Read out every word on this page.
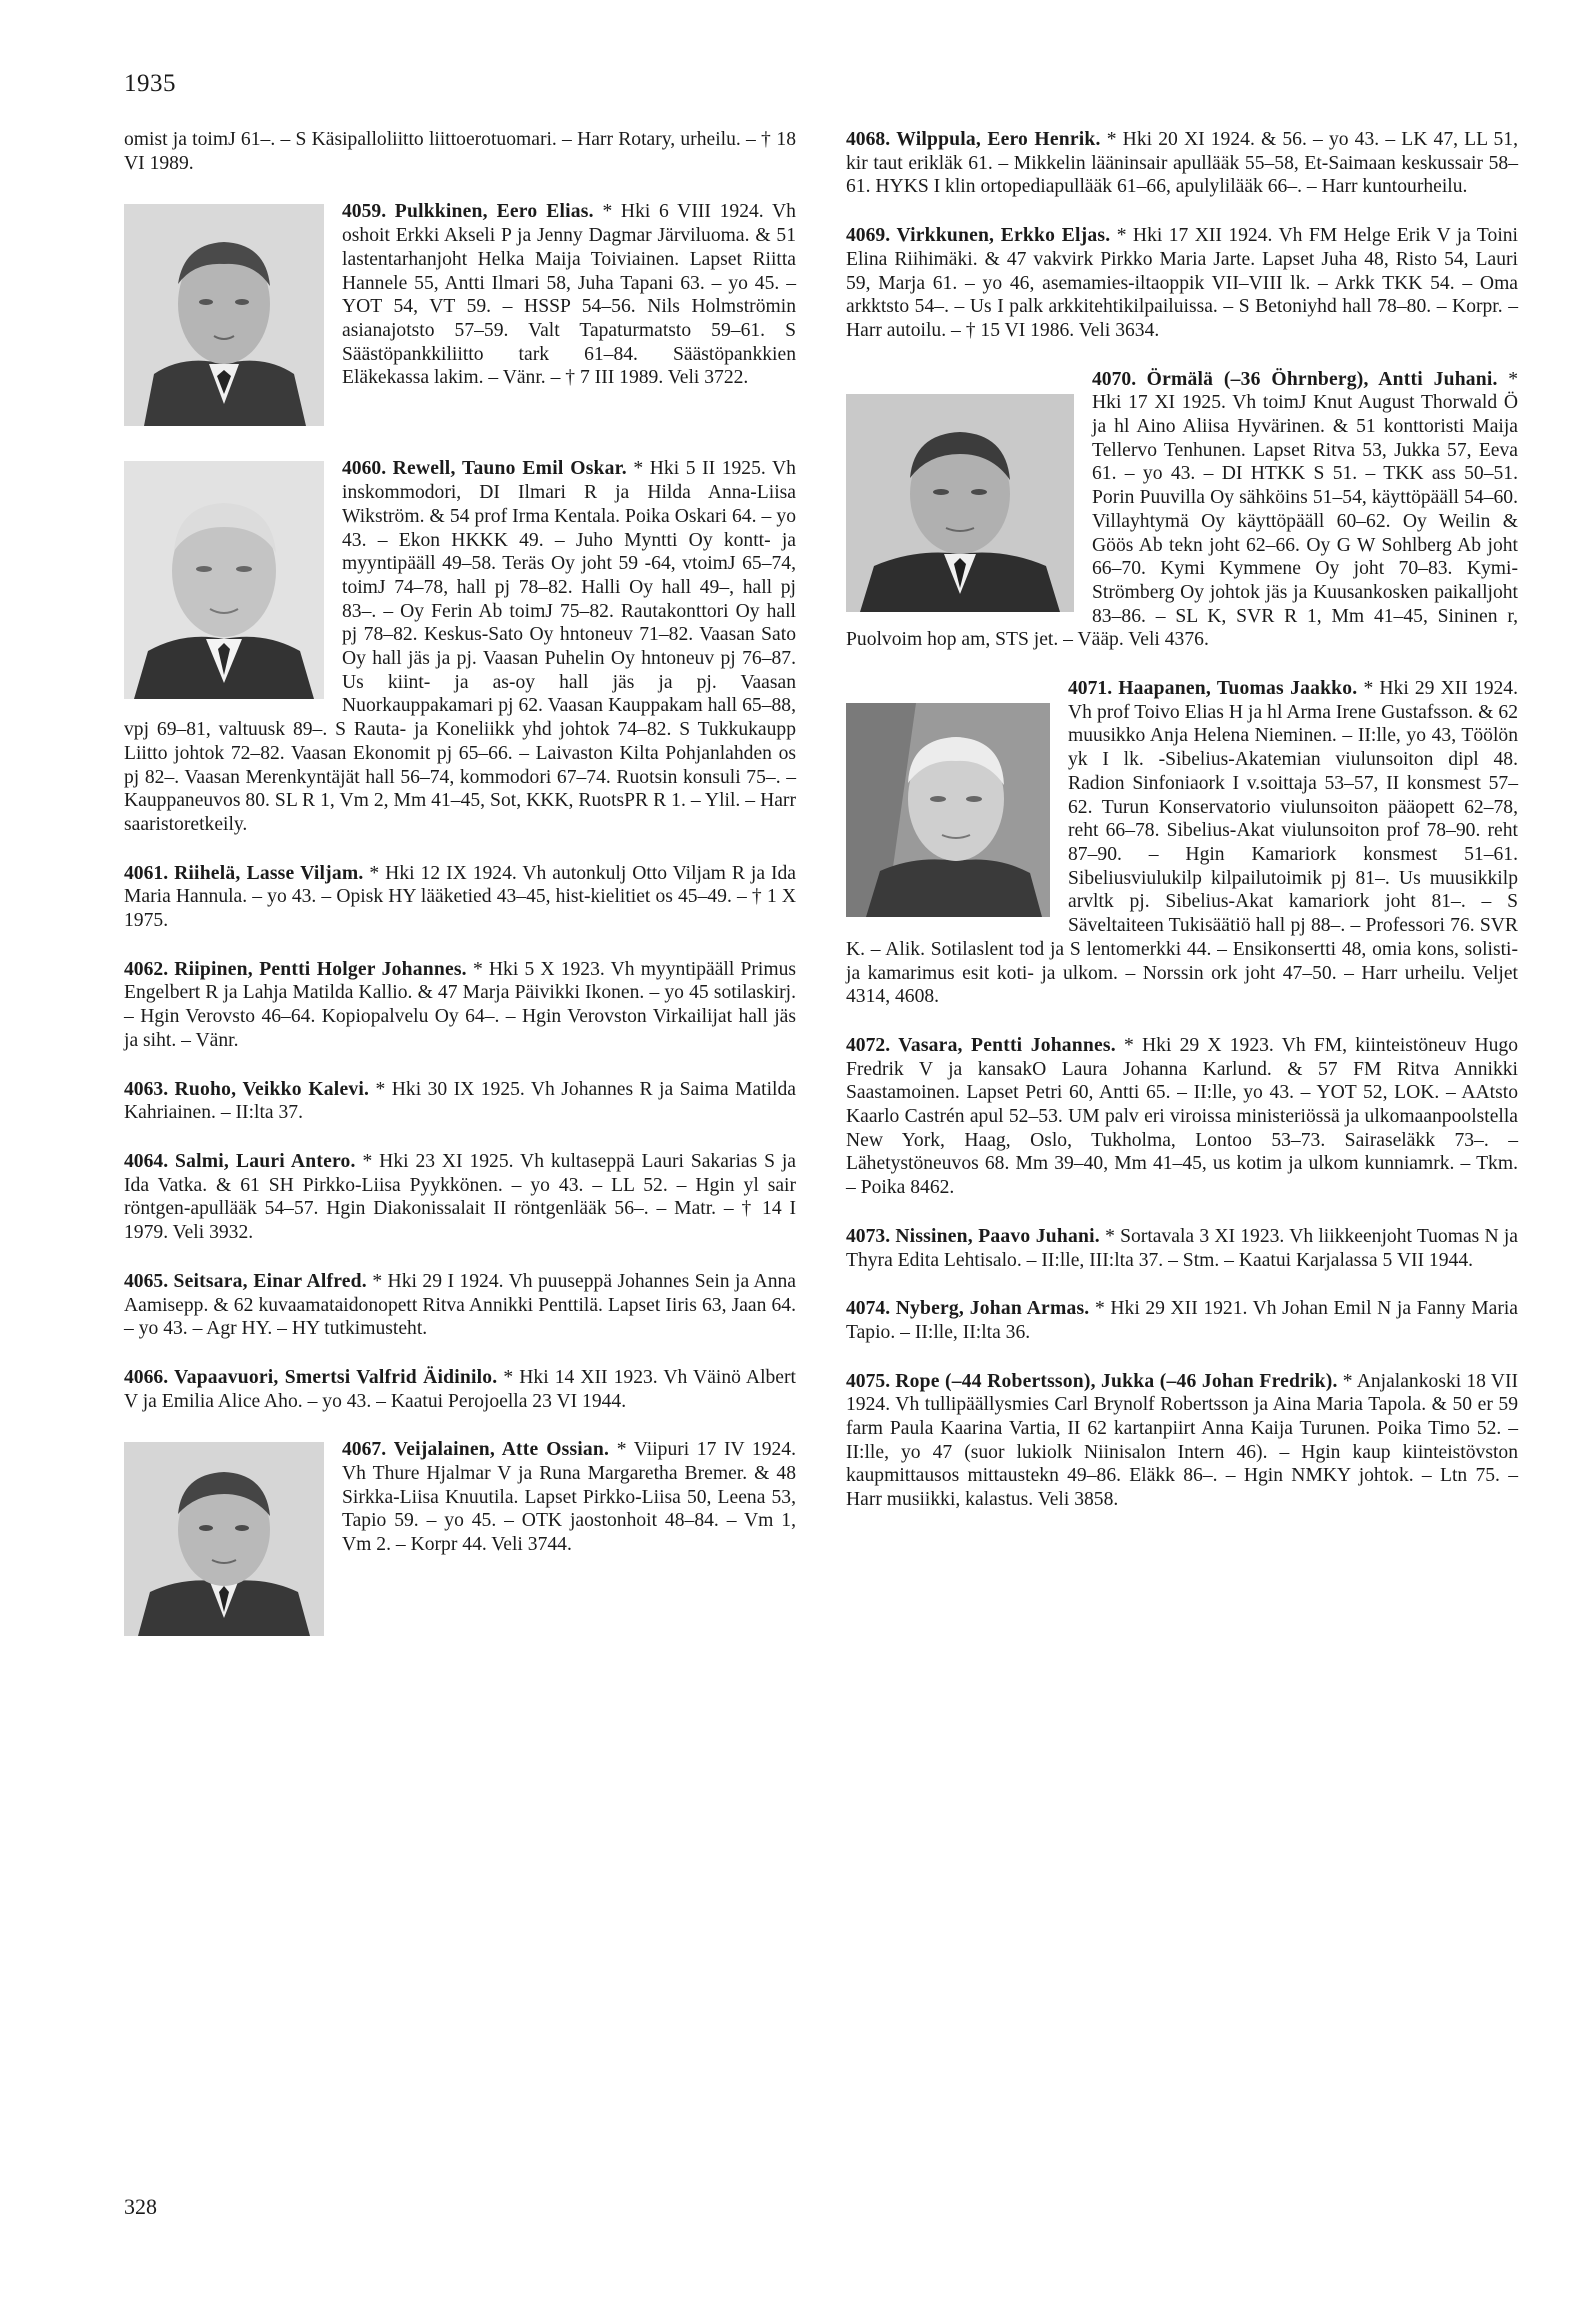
1935

omist ja toimJ 61–. – S Käsipalloliitto liittoerotuomari. – Harr Rotary, urheilu. – † 18 VI 1989.

4059. Pulkkinen, Eero Elias. * Hki 6 VIII 1924. Vh oshoit Erkki Akseli P ja Jenny Dagmar Järviluoma. & 51 lastentarhanjoht Helka Maija Toiviainen. Lapset Riitta Hannele 55, Antti Ilmari 58, Juha Tapani 63. – yo 45. – YOT 54, VT 59. – HSSP 54–56. Nils Holmströmin asianajotsto 57–59. Valt Tapaturmatsto 59–61. S Säästöpankkiliitto tark 61–84. Säästöpankkien Eläkekassa lakim. – Vänr. – † 7 III 1989. Veli 3722.

4060. Rewell, Tauno Emil Oskar. * Hki 5 II 1925. Vh inskommodori, DI Ilmari R ja Hilda Anna-Liisa Wikström. & 54 prof Irma Kentala. Poika Oskari 64. – yo 43. – Ekon HKKK 49. – Juho Myntti Oy kontt- ja myyntipääll 49–58. Teräs Oy joht 59 -64, vtoimJ 65–74, toimJ 74–78, hall pj 78–82. Halli Oy hall 49–, hall pj 83–. – Oy Ferin Ab toimJ 75–82. Rautakonttori Oy hall pj 78–82. Keskus-Sato Oy hntoneuv 71–82. Vaasan Sato Oy hall jäs ja pj. Vaasan Puhelin Oy hntoneuv pj 76–87. Us kiint- ja as-oy hall jäs ja pj. Vaasan Nuorkauppakamari pj 62. Vaasan Kauppakam hall 65–88, vpj 69–81, valtuusk 89–. S Rauta- ja Koneliikk yhd johtok 74–82. S Tukkukaupp Liitto johtok 72–82. Vaasan Ekonomit pj 65–66. – Laivaston Kilta Pohjanlahden os pj 82–. Vaasan Merenkyntäjät hall 56–74, kommodori 67–74. Ruotsin konsuli 75–. – Kauppaneuvos 80. SL R 1, Vm 2, Mm 41–45, Sot, KKK, RuotsPR R 1. – Ylil. – Harr saaristoretkeily.

4061. Riihelä, Lasse Viljam. * Hki 12 IX 1924. Vh autonkulj Otto Viljam R ja Ida Maria Hannula. – yo 43. – Opisk HY lääketied 43–45, hist-kielitiet os 45–49. – † 1 X 1975.

4062. Riipinen, Pentti Holger Johannes. * Hki 5 X 1923. Vh myyntipääll Primus Engelbert R ja Lahja Matilda Kallio. & 47 Marja Päivikki Ikonen. – yo 45 sotilaskirj. – Hgin Verovsto 46–64. Kopiopalvelu Oy 64–. – Hgin Verovston Virkailijat hall jäs ja siht. – Vänr.

4063. Ruoho, Veikko Kalevi. * Hki 30 IX 1925. Vh Johannes R ja Saima Matilda Kahriainen. – II:lta 37.

4064. Salmi, Lauri Antero. * Hki 23 XI 1925. Vh kultaseppä Lauri Sakarias S ja Ida Vatka. & 61 SH Pirkko-Liisa Pyykkönen. – yo 43. – LL 52. – Hgin yl sair röntgen-apullääk 54–57. Hgin Diakonissalait II röntgenlääk 56–. – Matr. – † 14 I 1979. Veli 3932.

4065. Seitsara, Einar Alfred. * Hki 29 I 1924. Vh puuseppä Johannes Sein ja Anna Aamisepp. & 62 kuvaamataidonopett Ritva Annikki Penttilä. Lapset Iiris 63, Jaan 64. – yo 43. – Agr HY. – HY tutkimusteht.

4066. Vapaavuori, Smertsi Valfrid Äidinilo. * Hki 14 XII 1923. Vh Väinö Albert V ja Emilia Alice Aho. – yo 43. – Kaatui Perojoella 23 VI 1944.

4067. Veijalainen, Atte Ossian. * Viipuri 17 IV 1924. Vh Thure Hjalmar V ja Runa Margaretha Bremer. & 48 Sirkka-Liisa Knuutila. Lapset Pirkko-Liisa 50, Leena 53, Tapio 59. – yo 45. – OTK jaostonhoit 48–84. – Vm 1, Vm 2. – Korpr 44. Veli 3744.

4068. Wilppula, Eero Henrik. * Hki 20 XI 1924. & 56. – yo 43. – LK 47, LL 51, kir taut erikläk 61. – Mikkelin lääninsair apullääk 55–58, Et-Saimaan keskussair 58–61. HYKS I klin ortopediapullääk 61–66, apulylilääk 66–. – Harr kuntourheilu.

4069. Virkkunen, Erkko Eljas. * Hki 17 XII 1924. Vh FM Helge Erik V ja Toini Elina Riihimäki. & 47 vakvirk Pirkko Maria Jarte. Lapset Juha 48, Risto 54, Lauri 59, Marja 61. – yo 46, asemamies-iltaoppik VII–VIII lk. – Arkk TKK 54. – Oma arkktsto 54–. – Us I palk arkkitehtikilpailuissa. – S Betoniyhd hall 78–80. – Korpr. – Harr autoilu. – † 15 VI 1986. Veli 3634.

4070. Örmälä (–36 Öhrnberg), Antti Juhani. * Hki 17 XI 1925. Vh toimJ Knut August Thorwald Ö ja hl Aino Aliisa Hyvärinen. & 51 konttoristi Maija Tellervo Tenhunen. Lapset Ritva 53, Jukka 57, Eeva 61. – yo 43. – DI HTKK S 51. – TKK ass 50–51. Porin Puuvilla Oy sähköins 51–54, käyttöpääll 54–60. Villayhtymä Oy käyttöpääll 60–62. Oy Weilin & Göös Ab tekn joht 62–66. Oy G W Sohlberg Ab joht 66–70. Kymi Kymmene Oy joht 70–83. Kymi-Strömberg Oy johtok jäs ja Kuusankosken paikalljoht 83–86. – SL K, SVR R 1, Mm 41–45, Sininen r, Puolvoim hop am, STS jet. – Vääp. Veli 4376.

4071. Haapanen, Tuomas Jaakko. * Hki 29 XII 1924. Vh prof Toivo Elias H ja hl Arma Irene Gustafsson. & 62 muusikko Anja Helena Nieminen. – II:lle, yo 43, Töölön yk I lk. -Sibelius-Akatemian viulunsoiton dipl 48. Radion Sinfoniaork I v.soittaja 53–57, II konsmest 57–62. Turun Konservatorio viulunsoiton pääopett 62–78, reht 66–78. Sibelius-Akat viulunsoiton prof 78–90. reht 87–90. – Hgin Kamariork konsmest 51–61. Sibeliusviulukilp kilpailutoimik pj 81–. Us muusikkilp arvltk pj. Sibelius-Akat kamariork joht 81–. – S Säveltaiteen Tukisäätiö hall pj 88–. – Professori 76. SVR K. – Alik. Sotilaslent tod ja S lentomerkki 44. – Ensikonsertti 48, omia kons, solisti- ja kamarimus esit koti- ja ulkom. – Norssin ork joht 47–50. – Harr urheilu. Veljet 4314, 4608.

4072. Vasara, Pentti Johannes. * Hki 29 X 1923. Vh FM, kiinteistöneuv Hugo Fredrik V ja kansakO Laura Johanna Karlund. & 57 FM Ritva Annikki Saastamoinen. Lapset Petri 60, Antti 65. – II:lle, yo 43. – YOT 52, LOK. – AAtsto Kaarlo Castrén apul 52–53. UM palv eri viroissa ministeriössä ja ulkomaanpoolstella New York, Haag, Oslo, Tukholma, Lontoo 53–73. Sairaseläkk 73–. – Lähetystöneuvos 68. Mm 39–40, Mm 41–45, us kotim ja ulkom kunniamrk. – Tkm. – Poika 8462.

4073. Nissinen, Paavo Juhani. * Sortavala 3 XI 1923. Vh liikkeenjoht Tuomas N ja Thyra Edita Lehtisalo. – II:lle, III:lta 37. – Stm. – Kaatui Karjalassa 5 VII 1944.

4074. Nyberg, Johan Armas. * Hki 29 XII 1921. Vh Johan Emil N ja Fanny Maria Tapio. – II:lle, II:lta 36.

4075. Rope (–44 Robertsson), Jukka (–46 Johan Fredrik). * Anjalankoski 18 VII 1924. Vh tullipäällysmies Carl Brynolf Robertsson ja Aina Maria Tapola. & 50 er 59 farm Paula Kaarina Vartia, II 62 kartanpiirt Anna Kaija Turunen. Poika Timo 52. – II:lle, yo 47 (suor lukiolk Niinisalon Intern 46). – Hgin kaup kiinteistövston kaupmittausos mittaustekn 49–86. Eläkk 86–. – Hgin NMKY johtok. – Ltn 75. – Harr musiikki, kalastus. Veli 3858.

328
